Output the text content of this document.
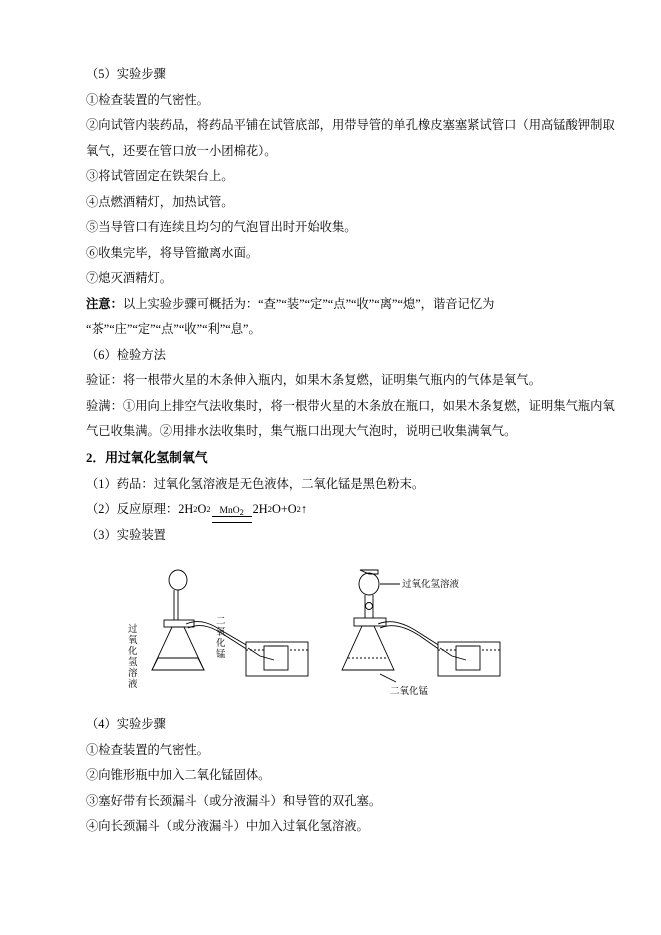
（5）实验步骤
①检查装置的气密性。
②向试管内装药品，将药品平铺在试管底部，用带导管的单孔橡皮塞塞紧试管口（用高锰酸钾制取
氧气，还要在管口放一小团棉花）。
③将试管固定在铁架台上。
④点燃酒精灯，加热试管。
⑤当导管口有连续且均匀的气泡冒出时开始收集。
⑥收集完毕，将导管撤离水面。
⑦熄灭酒精灯。
注意：以上实验步骤可概括为：“查”“装”“定”“点”“收”“离”“熄”，谐音记忆为
“茶”“庄”“定”“点”“收”“利”“息”。
（6）检验方法
验证：将一根带火星的木条伸入瓶内，如果木条复燃，证明集气瓶内的气体是氧气。
验满：①用向上排空气法收集时，将一根带火星的木条放在瓶口，如果木条复燃，证明集气瓶内氧
气已收集满。②用排水法收集时，集气瓶口出现大气泡时，说明已收集满氧气。
2．用过氧化氢制氧气
（1）药品：过氧化氢溶液是无色液体，二氧化锰是黑色粉末。
（2）反应原理：2H 2 O 2 MnO$_2$ 2H 2 O+O 2 ↑
（3）实验装置
过氧化氢溶液
二氧化锰
过氧化氢溶液
二氧化锰
（4）实验步骤
①检查装置的气密性。
②向锥形瓶中加入二氧化锰固体。
③塞好带有长颈漏斗（或分液漏斗）和导管的双孔塞。
④向长颈漏斗（或分液漏斗）中加入过氧化氢溶液。
